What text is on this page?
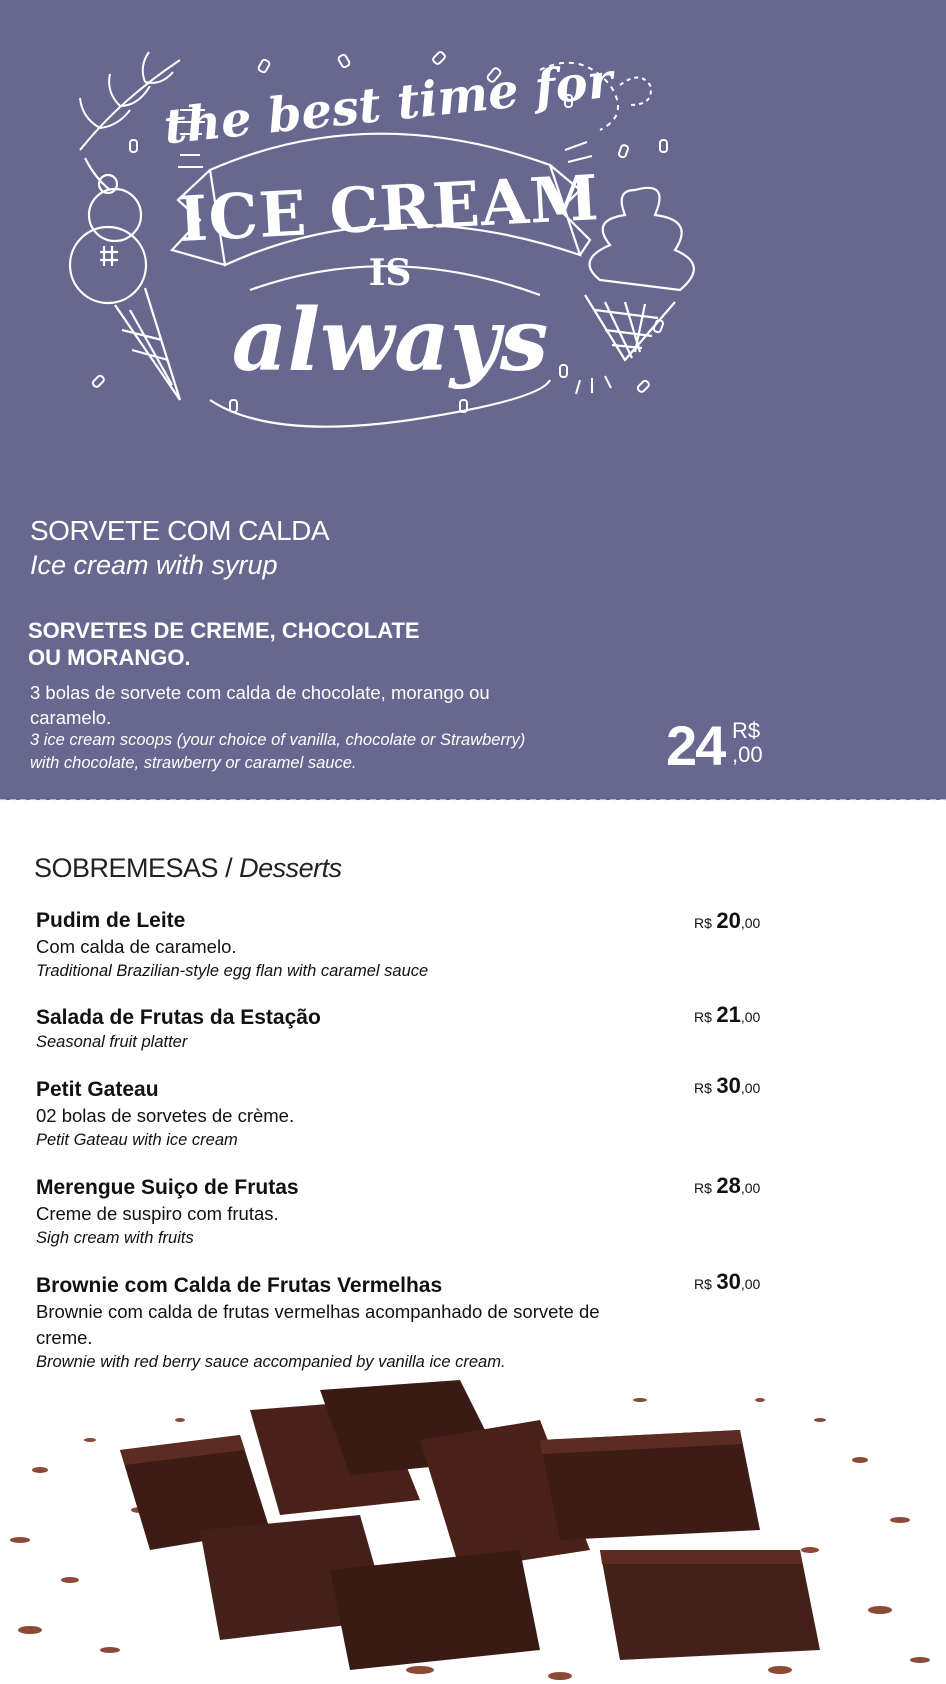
the best time for
ICE CREAM
IS
always
SORVETE COM CALDA

Ice cream with syrup

SORVETES DE CREME, CHOCOLATE
OU MORANGO.

3 bolas de sorvete com calda de chocolate, morango ou caramelo.

3 ice cream scoops (your choice of vanilla, chocolate or Strawberry) with chocolate, strawberry or caramel sauce.	24 R$
,00
SOBREMESAS / Desserts

Pudim de Leite

Com calda de caramelo.

Traditional Brazilian-style egg flan with caramel sauce

R$ 20,00

Salada de Frutas da Estação

Seasonal fruit platter

R$ 21,00

Petit Gateau

02 bolas de sorvetes de crème.

Petit Gateau with ice cream

R$ 30,00

Merengue Suiço de Frutas

Creme de suspiro com frutas.

Sigh cream with fruits

R$ 28,00

Brownie com Calda de Frutas Vermelhas

Brownie com calda de frutas vermelhas acompanhado de sorvete de creme.

Brownie with red berry sauce accompanied by vanilla ice cream.

R$ 30,00
